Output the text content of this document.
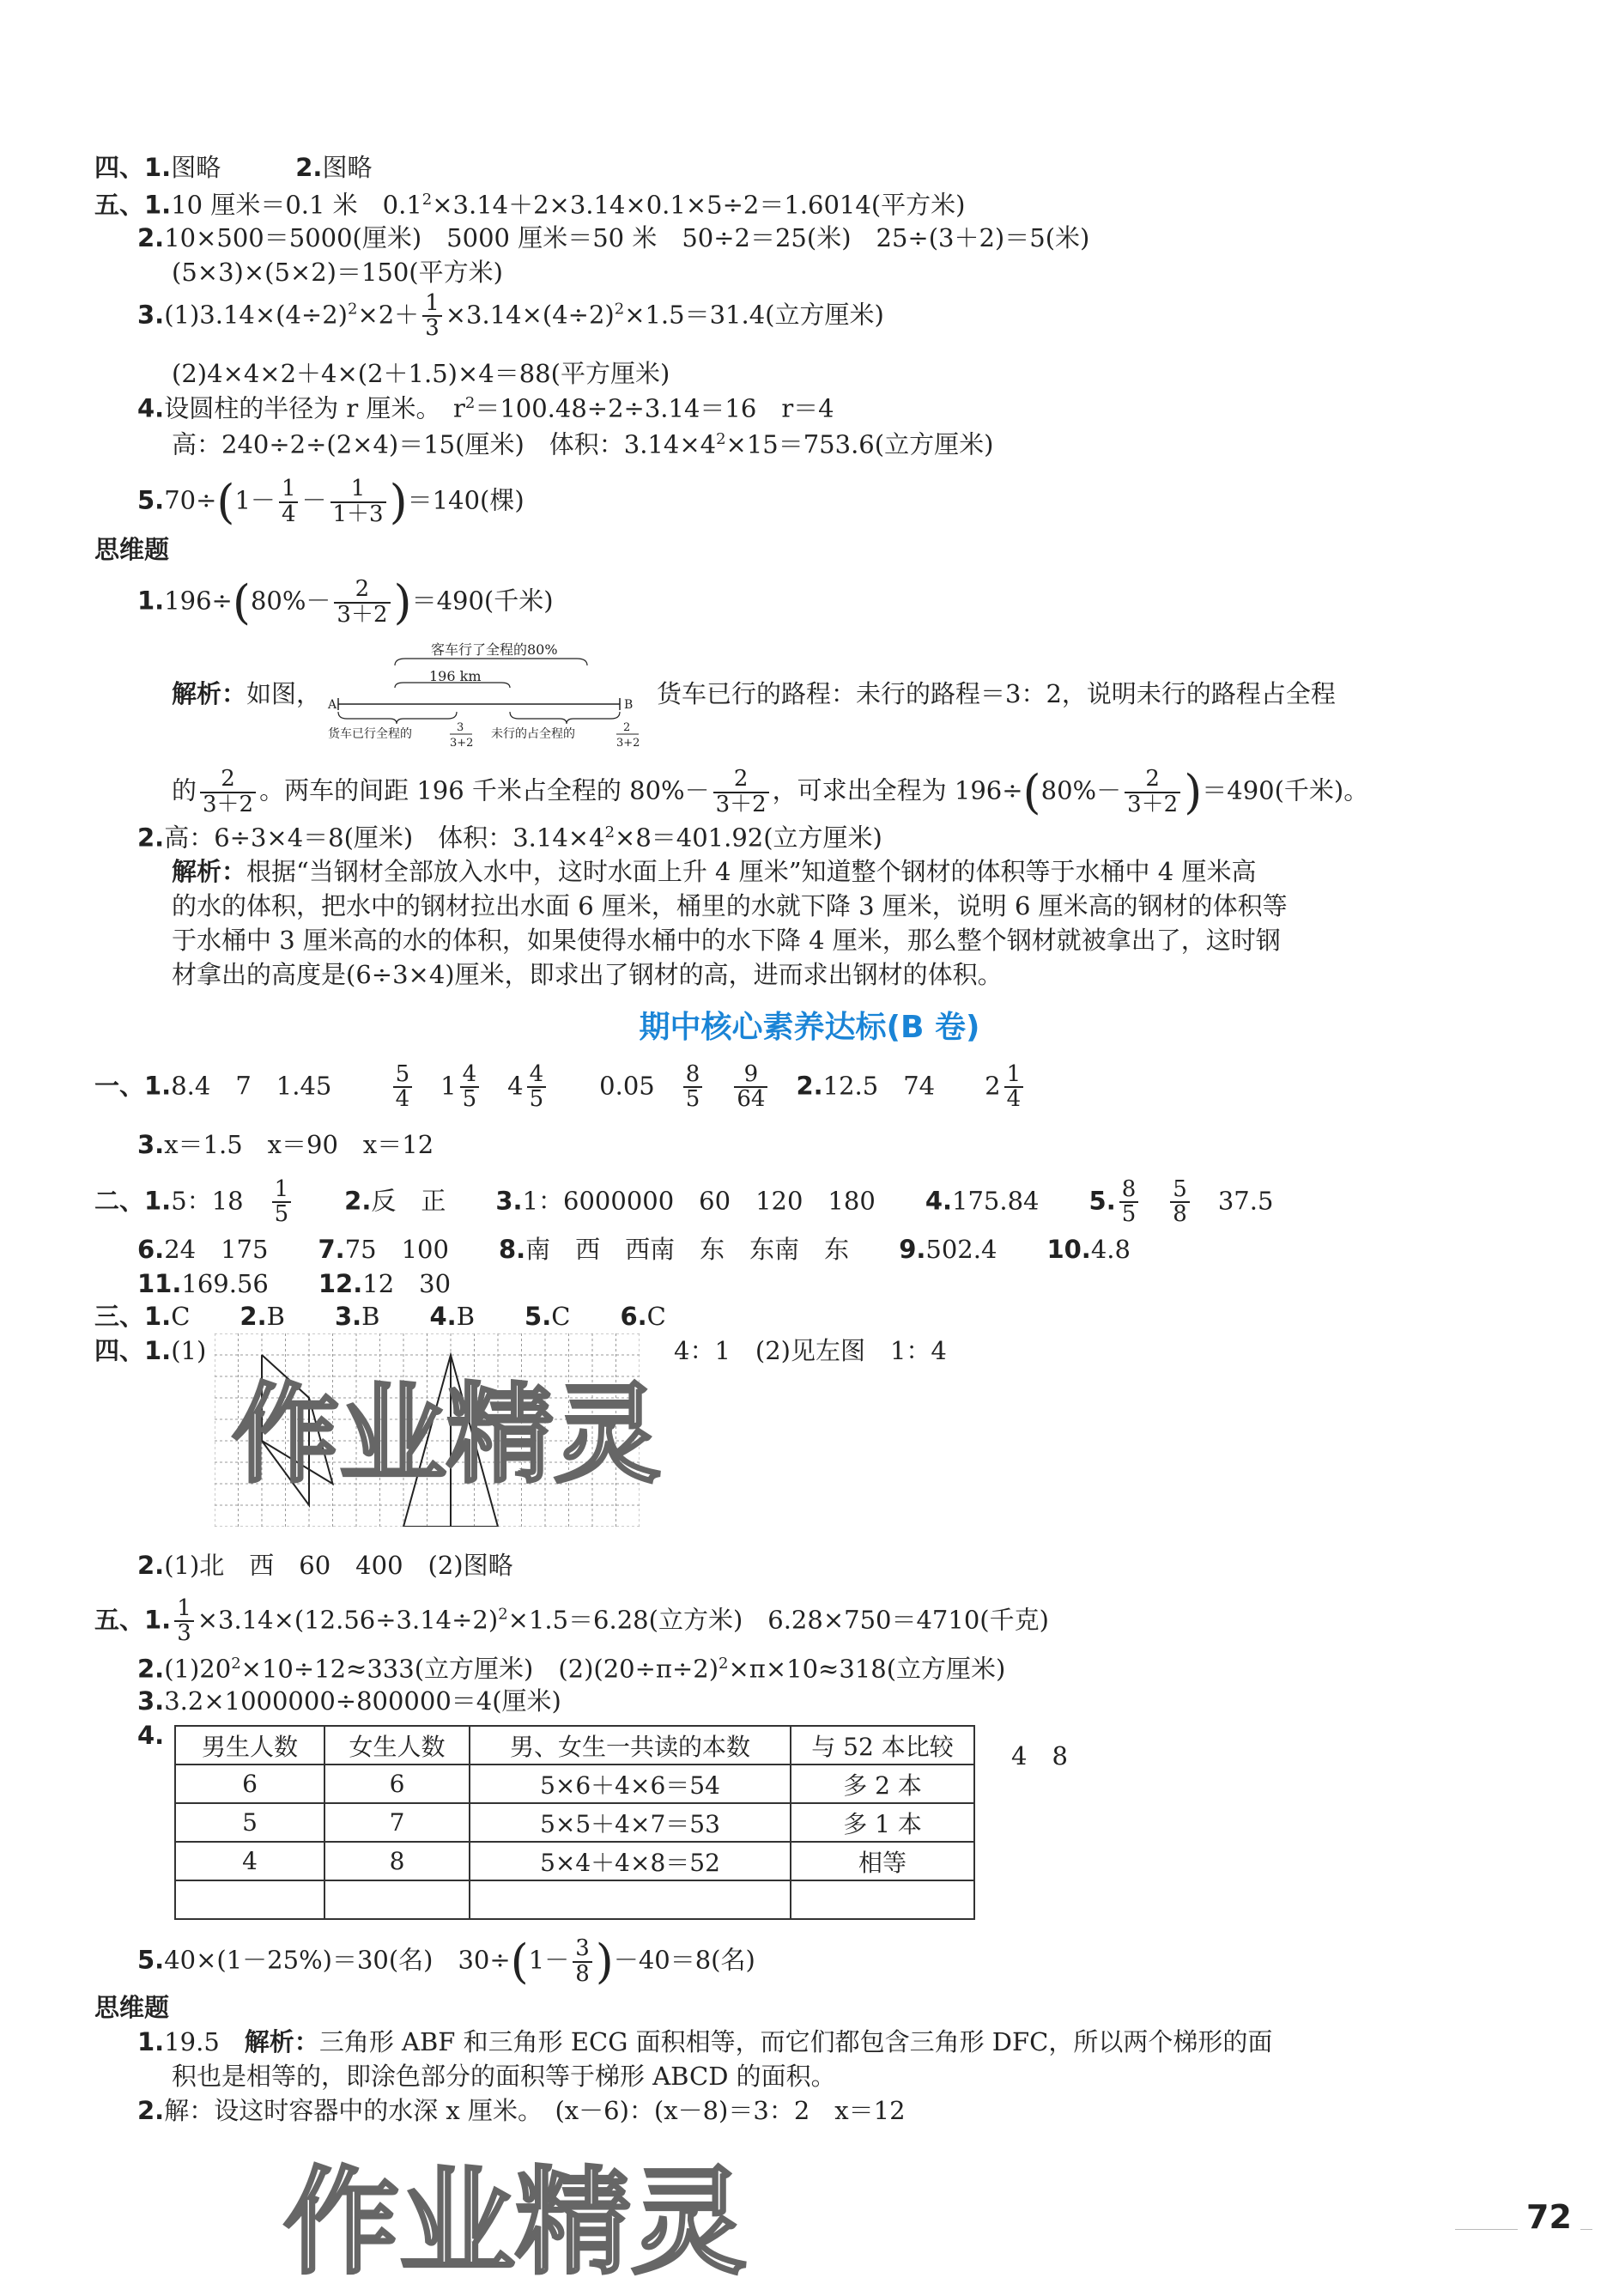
四、1.图略　　　	2.图略
五、1.10 厘米＝0.1 米　$0.1^2\times 3.14+2\times 3.14\times 0.1\times 5\div 2=1.6014$(平方米)
2.10×500＝5000(厘米)　5000 厘米＝50 米　50÷2＝25(米)　25÷(3＋2)＝5(米)
(5×3)×(5×2)＝150(平方米)
$3.(1)3.14\times(4\div 2)^2\times 2+ \frac{1}{3} \times 3.14\times(4\div 2)^2\times 1.5=31.4$(立方厘米)
(2)4×4×2＋4×(2＋1.5)×4＝88(平方厘米)
4.设圆柱的半径为 r 厘米。　$r^2=100.48\div 2\div 3.14=16$　r＝4
高：240÷2÷(2×4)＝15(厘米)　体积：$3.14\times 4^2\times 15=753.6$(立方厘米)
$5.70\div(1- \frac{1}{4} - \frac{1}{1+3} )=140$(棵)
思维题
$1.196\div(80\%- \frac{2}{3+2} )=490$(千米)
解析：如图，
客车行了全程的80%
196 km
A	B
货车已行全程的	3
3+2
未行的占全程的	2
3+2
货车已行的路程：未行的路程＝3：2，说明未行的路程占全程
的 $\frac{2}{3+2}$ 。两车的间距 196 千米占全程的 $80\%- \frac{2}{3+2}$ ，可求出全程为 $196\div(80\%- \frac{2}{3+2} )=490$(千米)。
2.高：6÷3×4＝8(厘米)　体积：$3.14\times 4^2\times 8=401.92$(立方厘米)
解析：根据“当钢材全部放入水中，这时水面上升 4 厘米”知道整个钢材的体积等于水桶中 4 厘米高
的水的体积，把水中的钢材拉出水面 6 厘米，桶里的水就下降 3 厘米，说明 6 厘米高的钢材的体积等
于水桶中 3 厘米高的水的体积，如果使得水桶中的水下降 4 厘米，那么整个钢材就被拿出了，这时钢
材拿出的高度是(6÷3×4)厘米，即求出了钢材的高，进而求出钢材的体积。
期中核心素养达标(B 卷)
一、1.8.4　7　1.45　　	$\frac{5}{4}$
　 $1 \frac{4}{5}$
　 $4 \frac{4}{5}$
　　 0.05　 $\frac{8}{5}$
　 $\frac{9}{64}$
　 2.12.5　74　　$2 \frac{1}{4}$
3.x＝1.5　x＝90　x＝12
二、1.5：18　 $\frac{1}{5}$
　　 2.反　正　　 3.1：6000000　60　120　180　　 4.175.84　　 5. $\frac{8}{5}$
　 $\frac{5}{8}$
　 37.5
6.24　175　　 7.75　100　　 8.南　西　西南　东　东南　东　　 9.502.4　　 10.4.8
11.169.56　　 12.12　30
三、1.C　　 2.B　　 3.B　　 4.B　　 5.C　　 6.C
四、1.(1)	4：1　(2)见左图　1：4
2.(1)北　西　60　400　(2)图略
五、1. $\frac{1}{3} \times 3.14\times(12.56\div 3.14\div 2)^2\times 1.5=6.28$(立方米)　6.28×750＝4710(千克)
$2.(1)20^2\times 10\div 12\approx 333$(立方厘米)　$(2)(20\div\pi\div 2)^2\times\pi\times 10\approx 318$(立方厘米)
3.3.2×1000000÷800000＝4(厘米)
4. 男生人数	女生人数	男、女生一共读的本数	与 52 本比较
6	6	5×6＋4×6＝54	多 2 本
5	7	5×5＋4×7＝53	多 1 本
4	8	5×4＋4×8＝52	相等

4　8
5.40×(1－25%)＝30(名)　$30\div(1- \frac{3}{8} )-40=8$(名)
思维题
1.19.5　 解析：三角形 ABF 和三角形 ECG 面积相等，而它们都包含三角形 DFC，所以两个梯形的面
积也是相等的，即涂色部分的面积等于梯形 ABCD 的面积。
2.解：设这时容器中的水深 x 厘米。　(x－6)：(x－8)＝3：2　x＝12
作业精灵
作业精灵	72
